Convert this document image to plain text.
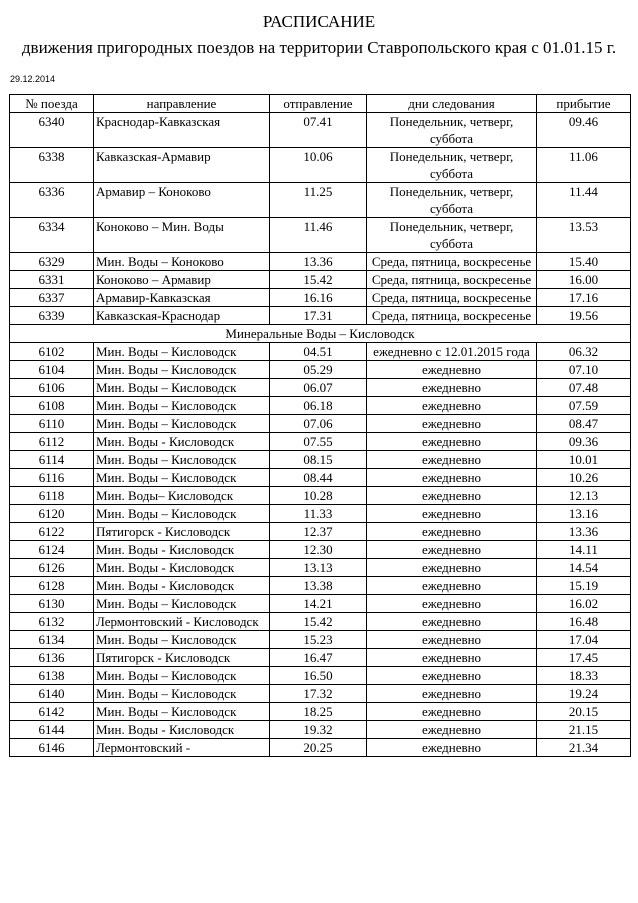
РАСПИСАНИЕ
движения пригородных поездов на территории Ставропольского края с 01.01.15 г.
29.12.2014
№ поезда	направление	отправление	дни следования	прибытие
6340	Краснодар-Кавказская	07.41	Понедельник, четверг, суббота	09.46
6338	Кавказская-Армавир	10.06	Понедельник, четверг, суббота	11.06
6336	Армавир – Коноково	11.25	Понедельник, четверг, суббота	11.44
6334	Коноково – Мин. Воды	11.46	Понедельник, четверг, суббота	13.53
6329	Мин. Воды – Коноково	13.36	Среда, пятница, воскресенье	15.40
6331	Коноково – Армавир	15.42	Среда, пятница, воскресенье	16.00
6337	Армавир-Кавказская	16.16	Среда, пятница, воскресенье	17.16
6339	Кавказская-Краснодар	17.31	Среда, пятница, воскресенье	19.56
Минеральные Воды – Кисловодск				
6102	Мин. Воды – Кисловодск	04.51	ежедневно с 12.01.2015 года	06.32
6104	Мин. Воды – Кисловодск	05.29	ежедневно	07.10
6106	Мин. Воды – Кисловодск	06.07	ежедневно	07.48
6108	Мин. Воды – Кисловодск	06.18	ежедневно	07.59
6110	Мин. Воды – Кисловодск	07.06	ежедневно	08.47
6112	Мин. Воды - Кисловодск	07.55	ежедневно	09.36
6114	Мин. Воды – Кисловодск	08.15	ежедневно	10.01
6116	Мин. Воды – Кисловодск	08.44	ежедневно	10.26
6118	Мин. Воды– Кисловодск	10.28	ежедневно	12.13
6120	Мин. Воды – Кисловодск	11.33	ежедневно	13.16
6122	Пятигорск - Кисловодск	12.37	ежедневно	13.36
6124	Мин. Воды - Кисловодск	12.30	ежедневно	14.11
6126	Мин. Воды - Кисловодск	13.13	ежедневно	14.54
6128	Мин. Воды - Кисловодск	13.38	ежедневно	15.19
6130	Мин. Воды – Кисловодск	14.21	ежедневно	16.02
6132	Лермонтовский - Кисловодск	15.42	ежедневно	16.48
6134	Мин. Воды – Кисловодск	15.23	ежедневно	17.04
6136	Пятигорск - Кисловодск	16.47	ежедневно	17.45
6138	Мин. Воды – Кисловодск	16.50	ежедневно	18.33
6140	Мин. Воды – Кисловодск	17.32	ежедневно	19.24
6142	Мин. Воды – Кисловодск	18.25	ежедневно	20.15
6144	Мин. Воды - Кисловодск	19.32	ежедневно	21.15
6146	Лермонтовский -	20.25	ежедневно	21.34
